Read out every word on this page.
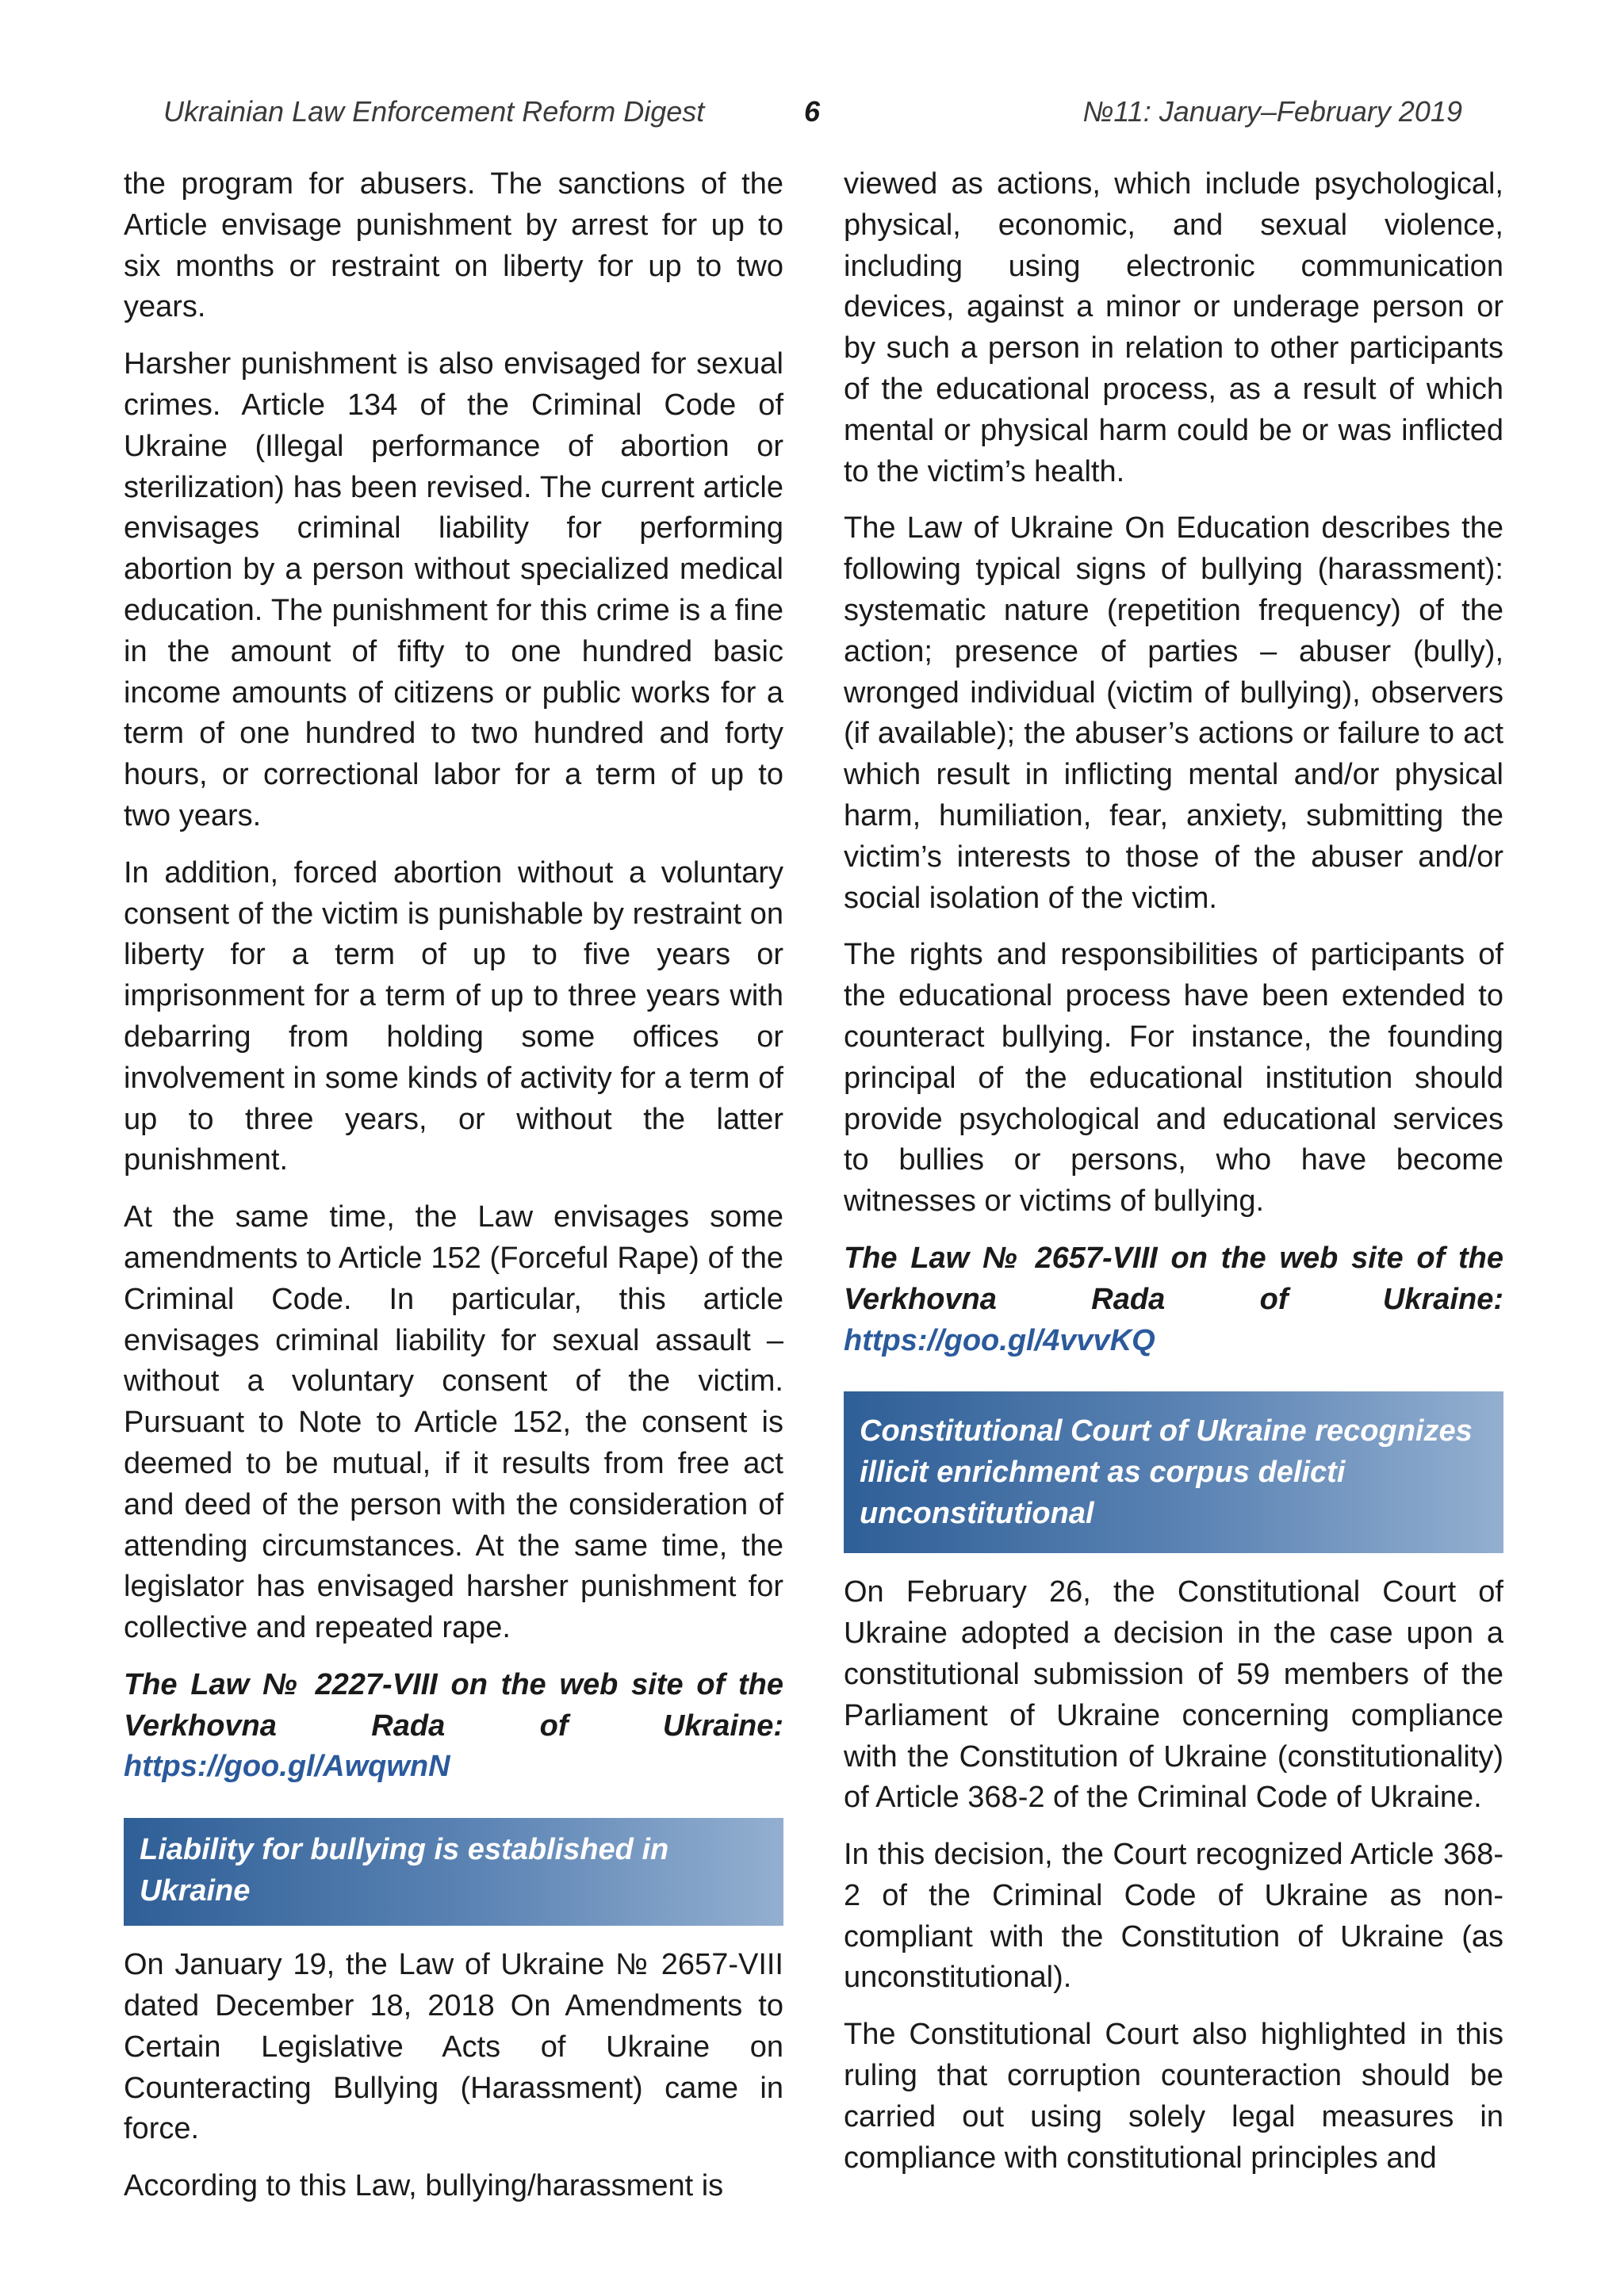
Ukrainian Law Enforcement Reform Digest	6	№11: January–February 2019

the program for abusers. The sanctions of the Article envisage punishment by arrest for up to six months or restraint on liberty for up to two years.

Harsher punishment is also envisaged for sexual crimes. Article 134 of the Criminal Code of Ukraine (Illegal performance of abortion or sterilization) has been revised. The current article envisages criminal liability for performing abortion by a person without specialized medical education. The punishment for this crime is a fine in the amount of fifty to one hundred basic income amounts of citizens or public works for a term of one hundred to two hundred and forty hours, or correctional labor for a term of up to two years.

In addition, forced abortion without a voluntary consent of the victim is punishable by restraint on liberty for a term of up to five years or imprisonment for a term of up to three years with debarring from holding some offices or involvement in some kinds of activity for a term of up to three years, or without the latter punishment.

At the same time, the Law envisages some amendments to Article 152 (Forceful Rape) of the Criminal Code. In particular, this article envisages criminal liability for sexual assault – without a voluntary consent of the victim. Pursuant to Note to Article 152, the consent is deemed to be mutual, if it results from free act and deed of the person with the consideration of attending circumstances. At the same time, the legislator has envisaged harsher punishment for collective and repeated rape.

The Law № 2227-VIII on the web site of the Verkhovna Rada of Ukraine: https://goo.gl/AwqwnN

Liability for bullying is established in Ukraine

On January 19, the Law of Ukraine № 2657-VIII dated December 18, 2018 On Amendments to Certain Legislative Acts of Ukraine on Counteracting Bullying (Harassment) came in force.

According to this Law, bullying/harassment is

viewed as actions, which include psychological, physical, economic, and sexual violence, including using electronic communication devices, against a minor or underage person or by such a person in relation to other participants of the educational process, as a result of which mental or physical harm could be or was inflicted to the victim’s health.

The Law of Ukraine On Education describes the following typical signs of bullying (harassment): systematic nature (repetition frequency) of the action; presence of parties – abuser (bully), wronged individual (victim of bullying), observers (if available); the abuser’s actions or failure to act which result in inflicting mental and/or physical harm, humiliation, fear, anxiety, submitting the victim’s interests to those of the abuser and/or social isolation of the victim.

The rights and responsibilities of participants of the educational process have been extended to counteract bullying. For instance, the founding principal of the educational institution should provide psychological and educational services to bullies or persons, who have become witnesses or victims of bullying.

The Law № 2657-VIII on the web site of the Verkhovna Rada of Ukraine: https://goo.gl/4vvvKQ

Constitutional Court of Ukraine recognizes illicit enrichment as corpus delicti unconstitutional

On February 26, the Constitutional Court of Ukraine adopted a decision in the case upon a constitutional submission of 59 members of the Parliament of Ukraine concerning compliance with the Constitution of Ukraine (constitutionality) of Article 368-2 of the Criminal Code of Ukraine.

In this decision, the Court recognized Article 368-2 of the Criminal Code of Ukraine as non-compliant with the Constitution of Ukraine (as unconstitutional).

The Constitutional Court also highlighted in this ruling that corruption counteraction should be carried out using solely legal measures in compliance with constitutional principles and
